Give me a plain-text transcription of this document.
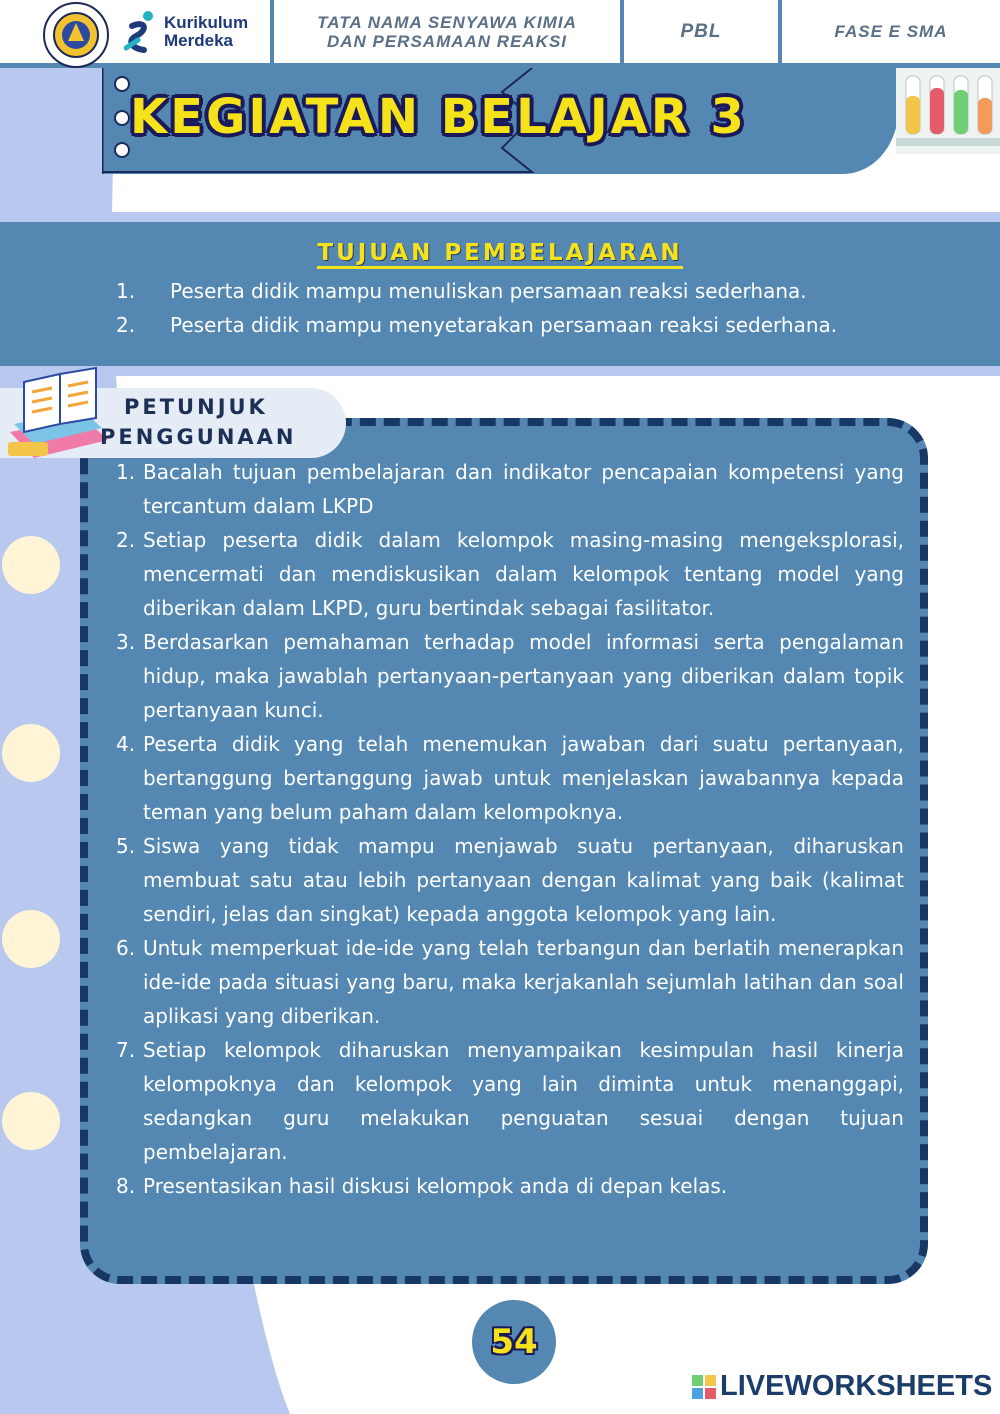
Kurikulum
Merdeka
TATA NAMA SENYAWA KIMIA
DAN PERSAMAAN REAKSI	PBL	FASE E SMA
KEGIATAN BELAJAR 3
TUJUAN PEMBELAJARAN
1.	Peserta didik mampu menuliskan persamaan reaksi sederhana.
2.	Peserta didik mampu menyetarakan persamaan reaksi sederhana.
PETUNJUK
PENGGUNAAN
1. Bacalah tujuan pembelajaran dan indikator pencapaian kompetensi yang tercantum dalam LKPD
2. Setiap peserta didik dalam kelompok masing-masing mengeksplorasi, mencermati dan mendiskusikan dalam kelompok tentang model yang diberikan dalam LKPD, guru bertindak sebagai fasilitator.
3. Berdasarkan pemahaman terhadap model informasi serta pengalaman hidup, maka jawablah pertanyaan-pertanyaan yang diberikan dalam topik pertanyaan kunci.
4. Peserta didik yang telah menemukan jawaban dari suatu pertanyaan, bertanggung bertanggung jawab untuk menjelaskan jawabannya kepada teman yang belum paham dalam kelompoknya.
5. Siswa yang tidak mampu menjawab suatu pertanyaan, diharuskan membuat satu atau lebih pertanyaan dengan kalimat yang baik (kalimat sendiri, jelas dan singkat) kepada anggota kelompok yang lain.
6. Untuk memperkuat ide-ide yang telah terbangun dan berlatih menerapkan ide-ide pada situasi yang baru, maka kerjakanlah sejumlah latihan dan soal aplikasi yang diberikan.
7. Setiap kelompok diharuskan menyampaikan kesimpulan hasil kinerja kelompoknya dan kelompok yang lain diminta untuk menanggapi, sedangkan guru melakukan penguatan sesuai dengan tujuan pembelajaran.
8. Presentasikan hasil diskusi kelompok anda di depan kelas.
54
LIVEWORKSHEETS
